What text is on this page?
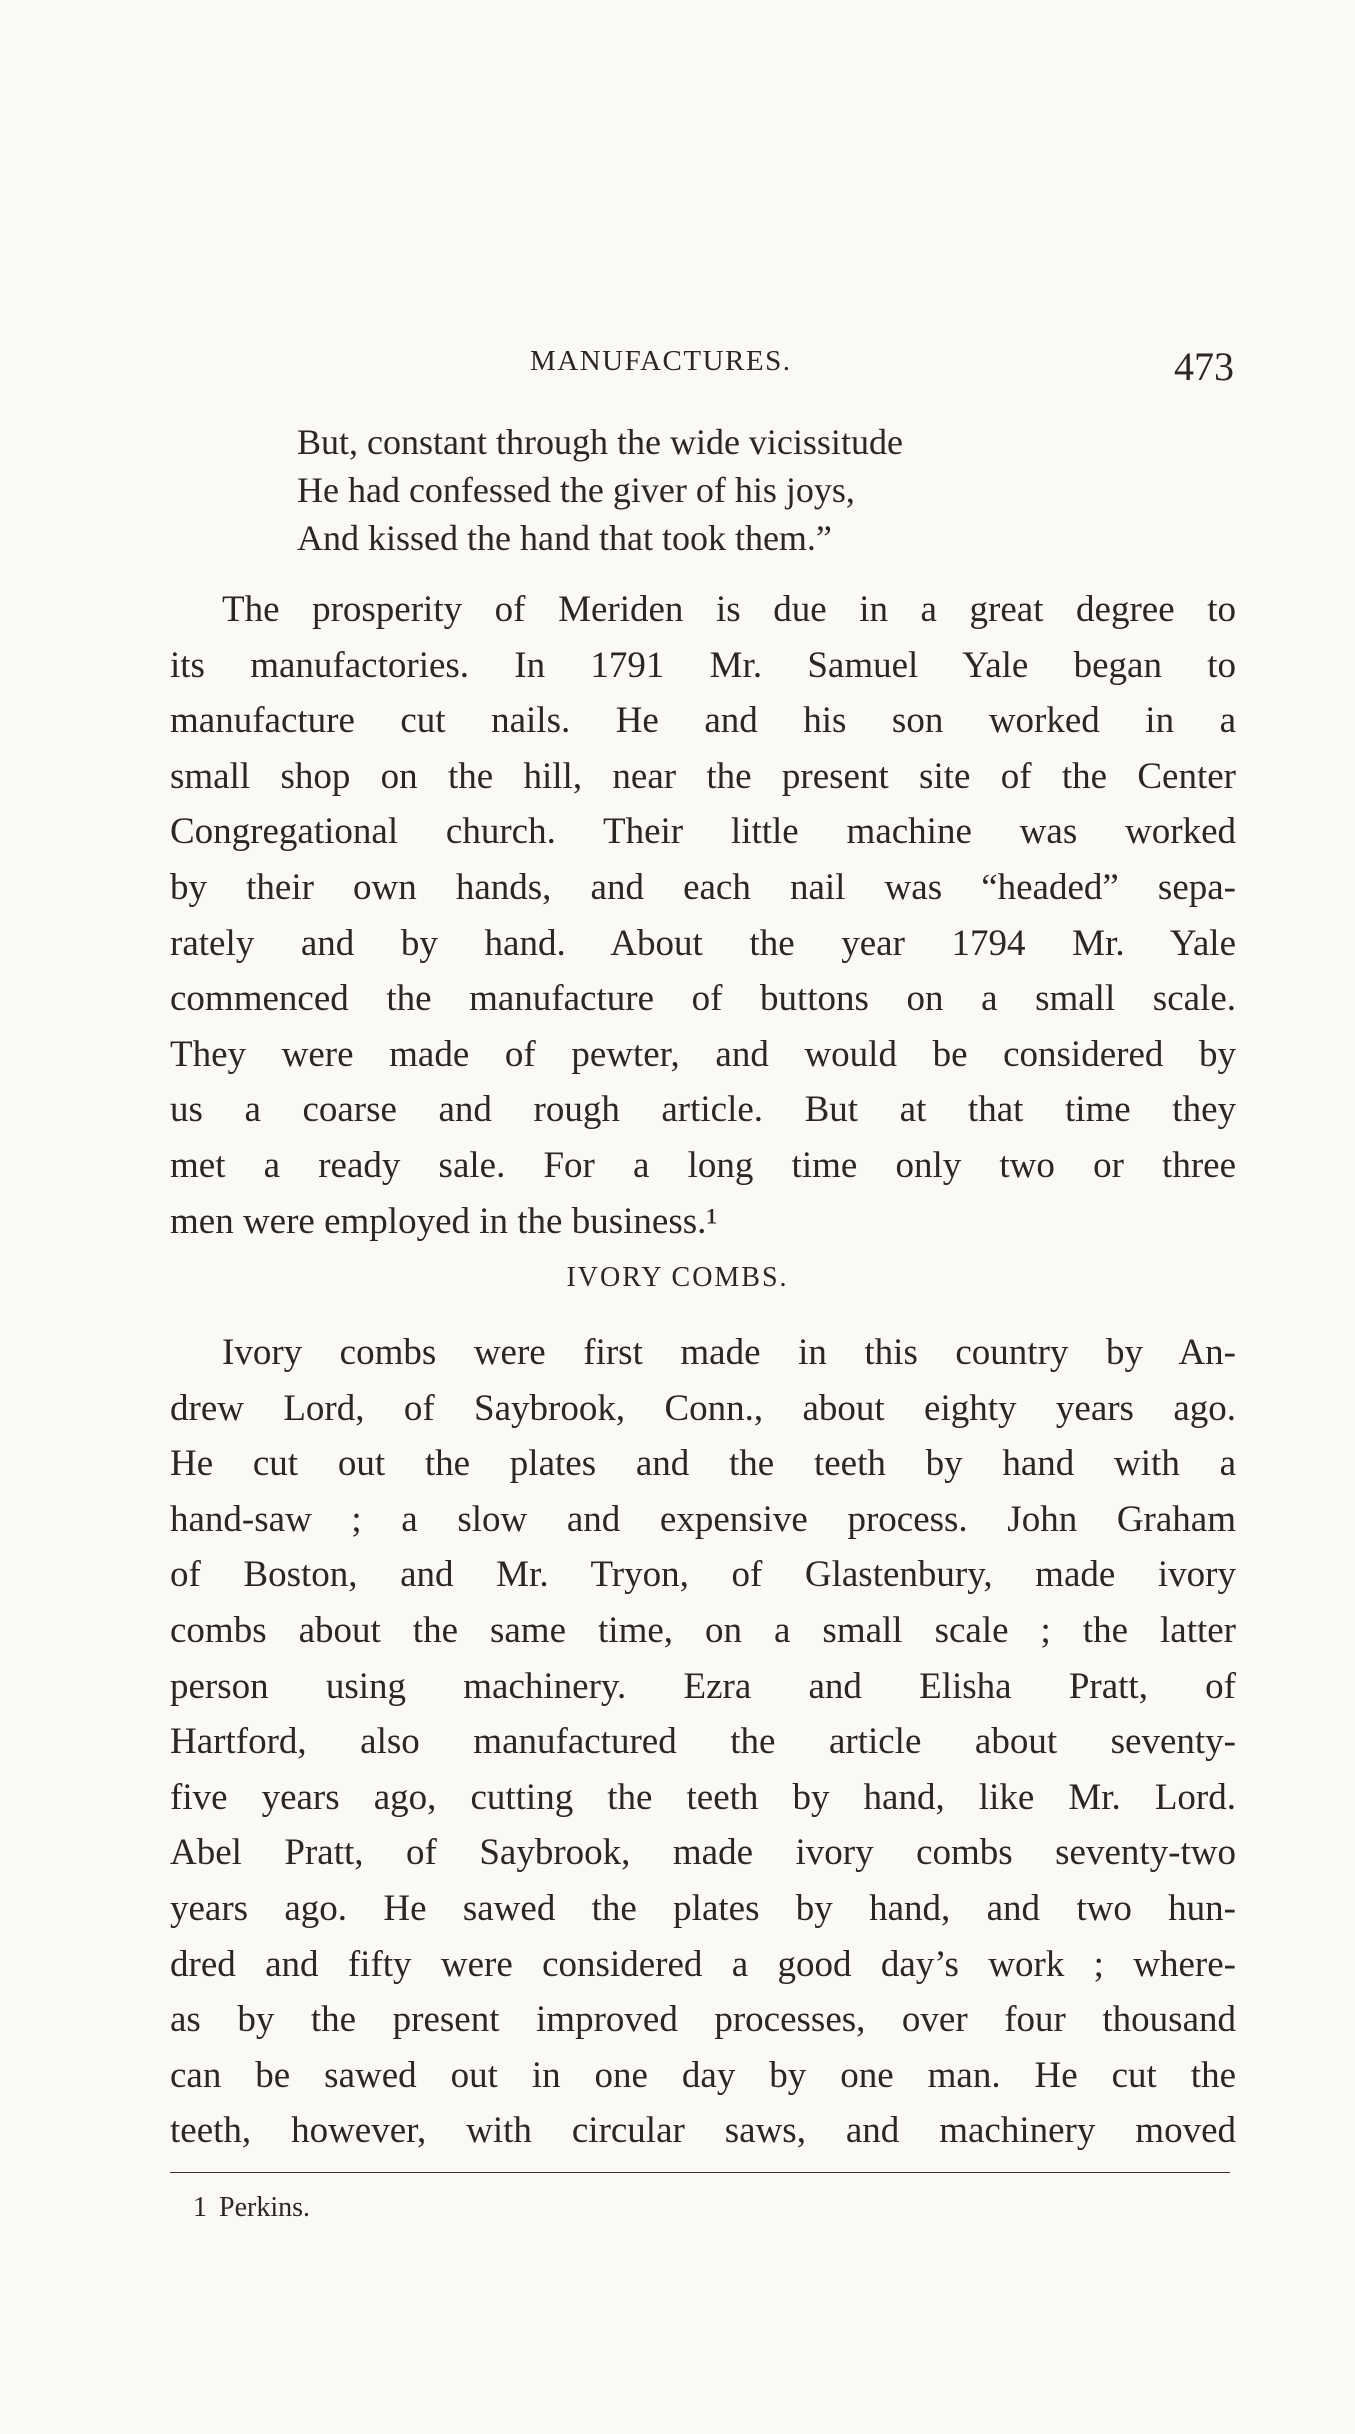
MANUFACTURES.	473
But, constant through the wide vicissitude
He had confessed the giver of his joys,
And kissed the hand that took them.”
The prosperity of Meriden is due in a great degree to
its manufactories. In 1791 Mr. Samuel Yale began to
manufacture cut nails. He and his son worked in a
small shop on the hill, near the present site of the Center
Congregational church. Their little machine was worked
by their own hands, and each nail was “headed” sepa-
rately and by hand. About the year 1794 Mr. Yale
commenced the manufacture of buttons on a small scale.
They were made of pewter, and would be considered by
us a coarse and rough article. But at that time they
met a ready sale. For a long time only two or three
men were employed in the business.¹
IVORY COMBS.
Ivory combs were first made in this country by An-
drew Lord, of Saybrook, Conn., about eighty years ago.
He cut out the plates and the teeth by hand with a
hand-saw ; a slow and expensive process. John Graham
of Boston, and Mr. Tryon, of Glastenbury, made ivory
combs about the same time, on a small scale ; the latter
person using machinery. Ezra and Elisha Pratt, of
Hartford, also manufactured the article about seventy-
five years ago, cutting the teeth by hand, like Mr. Lord.
Abel Pratt, of Saybrook, made ivory combs seventy-two
years ago. He sawed the plates by hand, and two hun-
dred and fifty were considered a good day’s work ; where-
as by the present improved processes, over four thousand
can be sawed out in one day by one man. He cut the
teeth, however, with circular saws, and machinery moved
1 Perkins.
